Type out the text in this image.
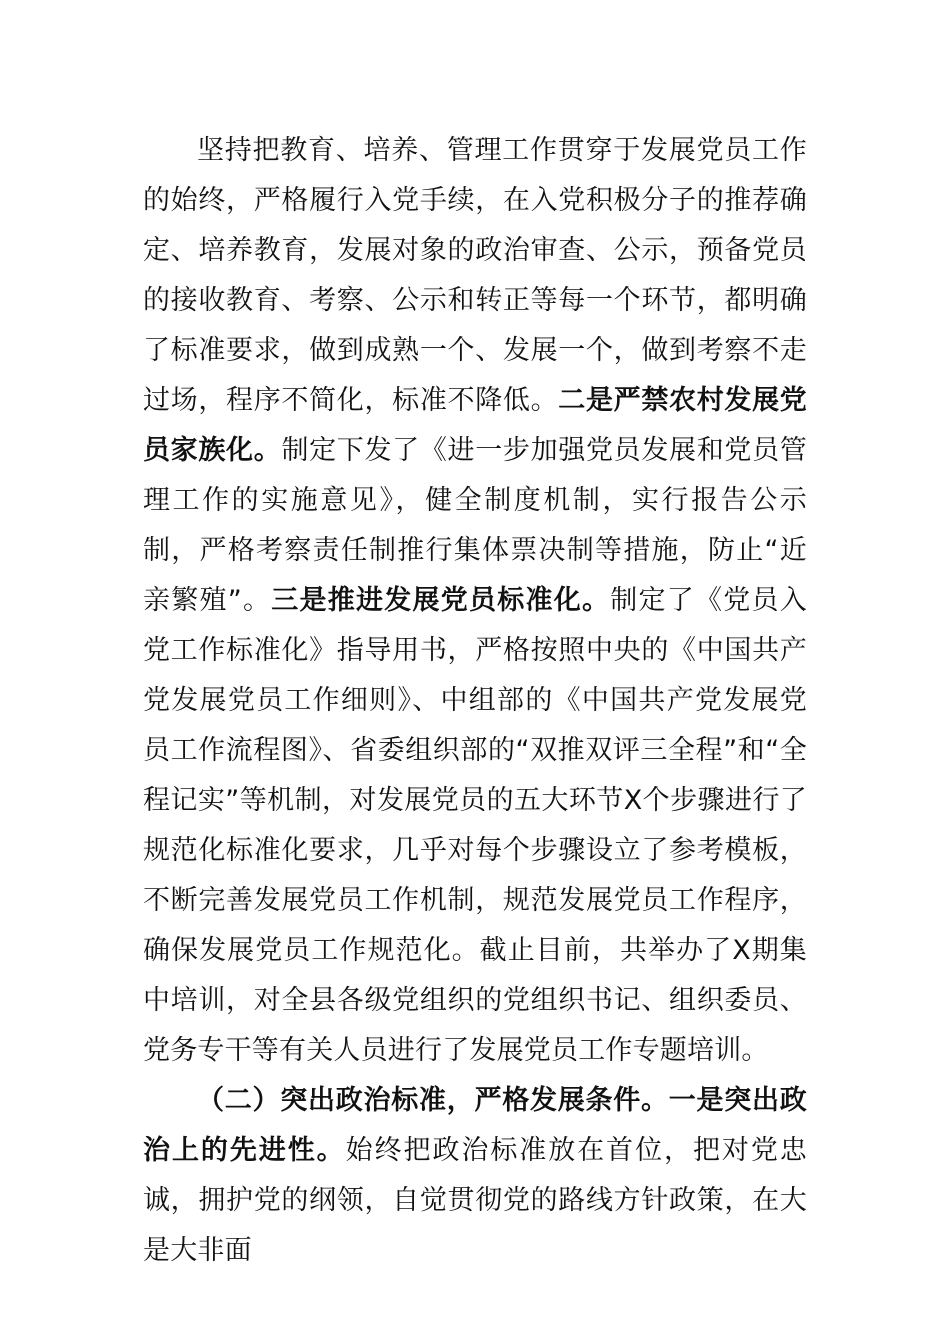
坚持把教育、培养、管理工作贯穿于发展党员工作的始终，严格履行入党手续，在入党积极分子的推荐确定、培养教育，发展对象的政治审查、公示，预备党员的接收教育、考察、公示和转正等每一个环节，都明确了标准要求，做到成熟一个、发展一个，做到考察不走过场，程序不简化，标准不降低。二是严禁农村发展党员家族化。制定下发了《进一步加强党员发展和党员管理工作的实施意见》，健全制度机制，实行报告公示制，严格考察责任制推行集体票决制等措施，防止“近亲繁殖”。三是推进发展党员标准化。制定了《党员入党工作标准化》指导用书，严格按照中央的《中国共产党发展党员工作细则》、中组部的《中国共产党发展党员工作流程图》、省委组织部的“双推双评三全程”和“全程记实”等机制，对发展党员的五大环节X个步骤进行了规范化标准化要求，几乎对每个步骤设立了参考模板，不断完善发展党员工作机制，规范发展党员工作程序，确保发展党员工作规范化。截止目前，共举办了X期集中培训，对全县各级党组织的党组织书记、组织委员、党务专干等有关人员进行了发展党员工作专题培训。

（二）突出政治标准，严格发展条件。一是突出政治上的先进性。始终把政治标准放在首位，把对党忠诚，拥护党的纲领，自觉贯彻党的路线方针政策，在大是大非面
